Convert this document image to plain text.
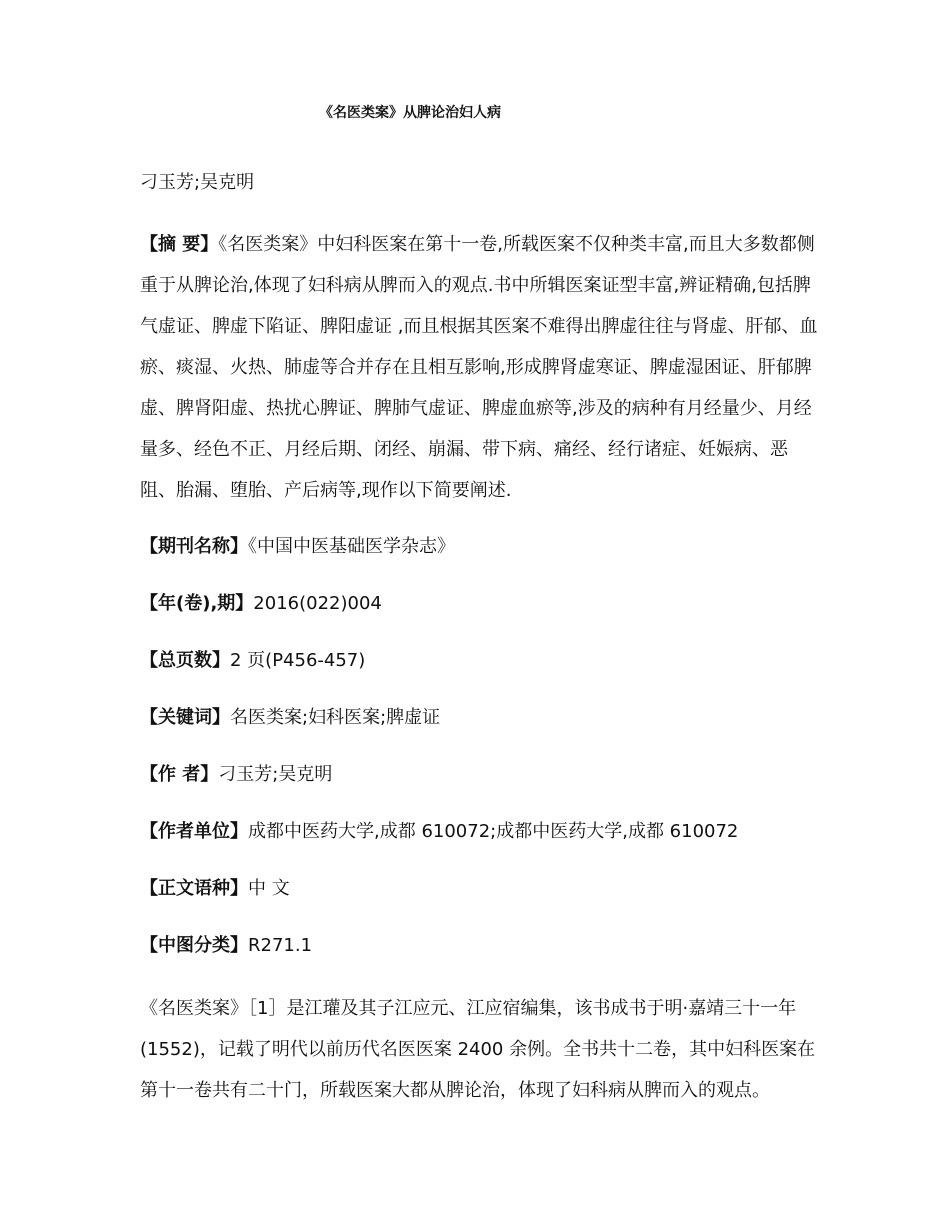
《名医类案》从脾论治妇人病
刁玉芳;吴克明
【摘 要】《名医类案》中妇科医案在第十一卷,所载医案不仅种类丰富,而且大多数都侧重于从脾论治,体现了妇科病从脾而入的观点.书中所辑医案证型丰富,辨证精确,包括脾气虚证、脾虚下陷证、脾阳虚证 ,而且根据其医案不难得出脾虚往往与肾虚、肝郁、血瘀、痰湿、火热、肺虚等合并存在且相互影响,形成脾肾虚寒证、脾虚湿困证、肝郁脾虚、脾肾阳虚、热扰心脾证、脾肺气虚证、脾虚血瘀等,涉及的病种有月经量少、月经量多、经色不正、月经后期、闭经、崩漏、带下病、痛经、经行诸症、妊娠病、恶阻、胎漏、堕胎、产后病等,现作以下简要阐述.
【期刊名称】《中国中医基础医学杂志》
【年(卷),期】2016(022)004
【总页数】2 页(P456-457)
【关键词】名医类案;妇科医案;脾虚证
【作 者】刁玉芳;吴克明
【作者单位】成都中医药大学,成都 610072;成都中医药大学,成都 610072
【正文语种】中 文
【中图分类】R271.1
《名医类案》［1］是江瓘及其子江应元、江应宿编集，该书成书于明·嘉靖三十一年(1552)，记载了明代以前历代名医医案 2400 余例。全书共十二卷，其中妇科医案在第十一卷共有二十门，所载医案大都从脾论治，体现了妇科病从脾而入的观点。
